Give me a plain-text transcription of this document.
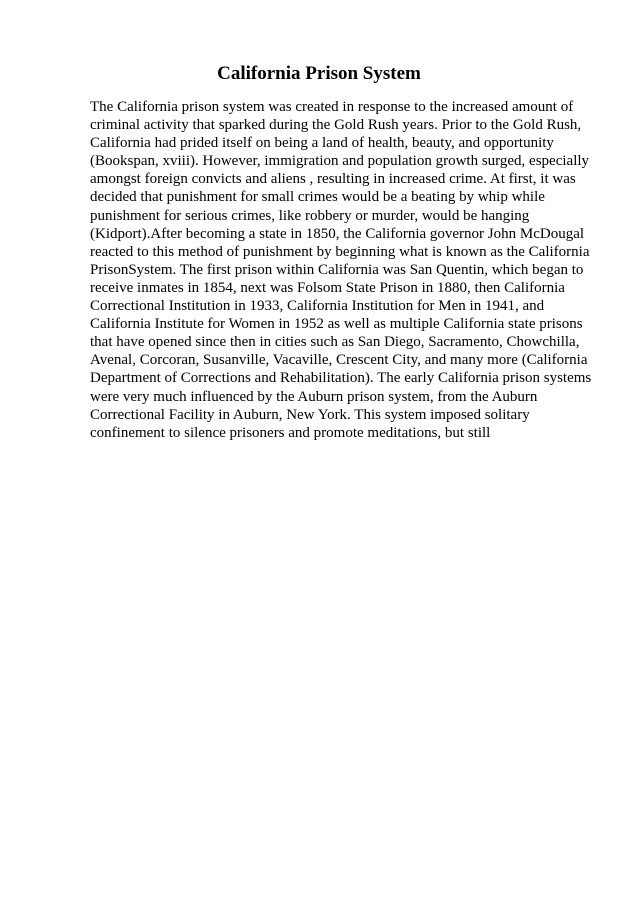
California Prison System
The California prison system was created in response to the increased amount of
criminal activity that sparked during the Gold Rush years. Prior to the Gold Rush,
California had prided itself on being a land of health, beauty, and opportunity
(Bookspan, xviii). However, immigration and population growth surged, especially
amongst foreign convicts and aliens , resulting in increased crime. At first, it was
decided that punishment for small crimes would be a beating by whip while
punishment for serious crimes, like robbery or murder, would be hanging
(Kidport).After becoming a state in 1850, the California governor John McDougal
reacted to this method of punishment by beginning what is known as the California
PrisonSystem. The first prison within California was San Quentin, which began to
receive inmates in 1854, next was Folsom State Prison in 1880, then California
Correctional Institution in 1933, California Institution for Men in 1941, and
California Institute for Women in 1952 as well as multiple California state prisons
that have opened since then in cities such as San Diego, Sacramento, Chowchilla,
Avenal, Corcoran, Susanville, Vacaville, Crescent City, and many more (California
Department of Corrections and Rehabilitation). The early California prison systems
were very much influenced by the Auburn prison system, from the Auburn
Correctional Facility in Auburn, New York. This system imposed solitary
confinement to silence prisoners and promote meditations, but still
